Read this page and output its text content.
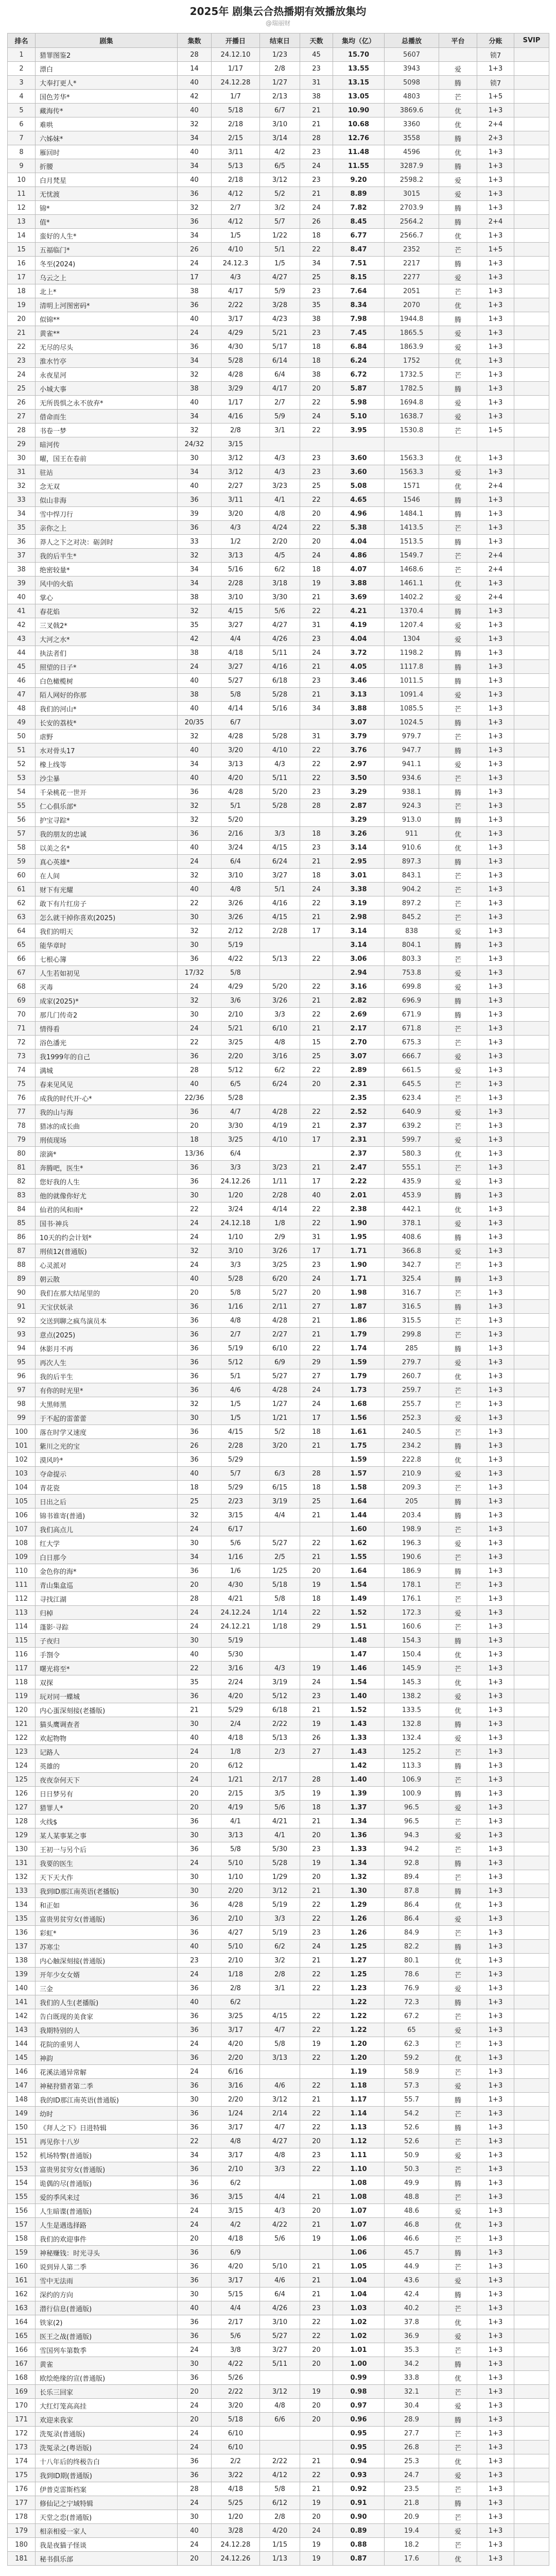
2025年 剧集云合热播期有效播放集均
@瑞丽财
排名	剧集	集数	开播日	结束日	天数	集均（亿）	总播放	平台	分账	SVIP
1	猎罪图鉴2	28	24.12.10	1/23	45	15.70	5607		锁7	
2	漂白	14	1/17	2/8	23	13.55	3943	爱	1+3	
3	大奉打更人*	40	24.12.28	1/27	31	13.15	5098	腾	锁7	
4	国色芳华*	42	1/7	2/13	38	13.05	4803	芒	1+5	
5	藏海传*	40	5/18	6/7	21	10.90	3869.6	优	1+3	
6	难哄	32	2/18	3/10	21	10.68	3360	优	2+4	
7	六姊妹*	34	2/15	3/14	28	12.76	3558	腾	2+3	
8	雁回时	40	3/11	4/2	23	11.48	4596	优	1+3	
9	折腰	34	5/13	6/5	24	11.55	3287.9	腾	1+3	
10	白月梵星	40	2/18	3/12	23	9.20	2598.2	爱	1+3	
11	无忧渡	36	4/12	5/2	21	8.89	3015	爱	1+3	
12	锦*	32	2/7	3/2	24	7.82	2703.9	腾	1+3	
13	值*	36	4/12	5/7	26	8.45	2564.2	腾	2+4	
14	蛮好的人生*	34	1/5	1/22	18	6.77	2566.7	优	1+3	
15	五福临门*	26	4/10	5/1	22	8.47	2352	芒	1+5	
16	冬至(2024)	24	24.12.3	1/5	34	7.51	2217	腾	1+3	
17	乌云之上	17	4/3	4/27	25	8.15	2277	爱	1+3	
18	北上*	38	4/17	5/9	23	7.64	2051	芒	1+3	
19	清明上河图密码*	36	2/22	3/28	35	8.34	2070	优	1+3	
20	似锦**	40	3/17	4/23	38	7.98	1944.8	腾	1+3	
21	黄雀**	24	4/29	5/21	23	7.45	1865.5	爱	1+3	
22	无尽的尽头	36	4/30	5/17	18	6.84	1863.9	爱	1+3	
23	淮水竹亭	34	5/28	6/14	18	6.24	1752	优	1+3	
24	永夜星河	32	4/28	6/4	38	6.72	1732.5	芒	1+3	
25	小城大事	38	3/29	4/17	20	5.87	1782.5	腾	1+3	
26	无所畏惧之永不放弃*	40	1/17	2/7	22	5.98	1694.8	爱	1+3	
27	借命而生	34	4/16	5/9	24	5.10	1638.7	爱	1+3	
28	书卷一梦	32	2/8	3/1	22	3.95	1530.8	芒	1+5	
29	暗河传	24/32	3/15							
30	曜，国王在卷前	30	3/12	4/3	23	3.60	1563.3	优	1+3	
31	驻站	34	3/12	4/3	23	3.60	1563.3	爱	1+3	
32	念无双	40	2/27	3/23	25	5.08	1571	优	2+4	
33	似山非海	36	3/11	4/1	22	4.65	1546	腾	1+3	
34	雪中悍刀行	39	3/20	4/8	20	4.96	1484.1	腾	1+3	
35	亲你之上	36	4/3	4/24	22	5.38	1413.5	芒	1+3	
36	莽人之下之对决：砺剑时	33	1/2	2/20	20	4.04	1513.5	腾	1+3	
37	我的后半生*	32	3/13	4/5	24	4.86	1549.7	芒	2+4	
38	绝密较量*	34	5/16	6/2	18	4.07	1468.6	芒	2+4	
39	风中的火焰	34	2/28	3/18	19	3.88	1461.1	优	1+3	
40	掌心	38	3/10	3/30	21	3.69	1402.2	爱	2+4	
41	春花焰	32	4/15	5/6	22	4.21	1370.4	腾	1+3	
42	三叉戟2*	35	3/27	4/27	31	4.19	1207.4	爱	1+3	
43	大河之水*	42	4/4	4/26	23	4.04	1304	爱	1+3	
44	执法者们	38	4/18	5/11	24	3.72	1198.2	腾	1+3	
45	照望的日子*	24	3/27	4/16	21	4.05	1117.8	腾	1+3	
46	白色橄榄树	40	5/27	6/18	23	3.46	1011.5	腾	1+3	
47	陌人网好的你那	38	5/8	5/28	21	3.13	1091.4	爱	1+3	
48	我们的河山*	40	4/14	5/16	34	3.88	1085.5	芒	1+3	
49	长安的荔枝*	20/35	6/7			3.07	1024.5	腾	1+3	
50	虐野	32	4/28	5/28	31	3.79	979.7	芒	1+3	
51	水对骨头17	40	3/20	4/10	22	3.76	947.7	腾	1+3	
52	橡上线等	34	3/13	4/3	22	2.97	941.1	爱	1+3	
53	沙尘暴	40	4/20	5/11	22	3.50	934.6	芒	1+3	
54	千朵桃花一世开	36	4/28	5/20	23	3.29	938.1	腾	1+3	
55	仁心俱乐部*	32	5/1	5/28	28	2.87	924.3	芒	1+3	
56	护宝寻踪*	32	5/20			3.29	913.0	腾	1+3	
57	我的朋友的忠诚	36	2/16	3/3	18	3.26	911	优	1+3	
58	以美之名*	40	3/24	4/15	23	3.14	910.6	优	1+3	
59	真心英雄*	24	6/4	6/24	21	2.95	897.3	腾	1+3	
60	在人间	32	3/10	3/27	18	3.01	843.1	芒	1+3	
61	财下有光耀	40	4/8	5/1	24	3.38	904.2	芒	1+3	
62	敢下有片红房子	22	3/26	4/16	22	3.19	897.2	芒	1+3	
63	怎么就干掉你喜欢(2025)	30	3/26	4/15	21	2.98	845.2	芒	1+3	
64	我们的明天	32	2/12	2/28	17	3.14	838	爱	1+3	
65	能华章时	30	5/19			3.14	804.1	腾	1+3	
66	七根心簿	36	4/22	5/13	22	3.06	803.3	芒	1+3	
67	人生若如初见	17/32	5/8			2.94	753.8	爱	1+3	
68	灭毒	24	4/29	5/20	22	3.16	699.8	爱	1+3	
69	成家(2025)*	32	3/6	3/26	21	2.82	696.9	腾	1+3	
70	那几门传奇2	30	2/10	3/3	22	2.69	671.9	腾	1+3	
71	情得看	24	5/21	6/10	21	2.17	671.8	芒	1+3	
72	浴色潘光	22	3/25	4/8	15	2.70	675.3	芒	1+3	
73	我1999年的自己	36	2/20	3/16	25	3.07	666.7	爱	1+3	
74	满城	28	5/12	6/2	22	2.89	661.5	爱	1+3	
75	春来见风见	40	6/5	6/24	20	2.31	645.5	芒	1+3	
76	成我的时代开·心*	22/36	5/28			2.35	623.4	芒	1+3	
77	我的山与海	36	4/7	4/28	22	2.52	640.9	爱	1+3	
78	猎冰的成长曲	20	3/30	4/19	21	2.37	639.2	芒	1+3	
79	刑侦现场	18	3/25	4/10	17	2.31	599.7	爱	1+3	
80	滚滴*	13/36	6/4			2.37	580.3	优	1+3	
81	奔腾吧，医生*	36	3/3	3/23	21	2.47	555.1	芒	1+3	
82	您好我的人生	36	24.12.26	1/11	17	2.22	435.9	爱	1+3	
83	他的就像你好尤	30	1/20	2/28	40	2.01	453.9	腾	1+3	
84	仙君的风和雨*	22	3/24	4/14	22	2.38	442.1	优	1+3	
85	国书·神兵	24	24.12.18	1/8	22	1.90	378.1	爱	1+3	
86	10天的约会计划*	24	1/10	2/9	31	1.95	408.6	腾	1+3	
87	刑侦12(普通版)	32	3/10	3/26	17	1.71	366.8	爱	1+3	
88	心灵派对	24	3/3	3/25	23	1.90	342.7	芒	1+3	
89	朝云散	40	5/28	6/20	24	1.71	325.4	腾	1+3	
90	我们在那大结尾里的	20	5/8	5/27	20	1.98	316.7	芒	1+3	
91	天宝伏妖录	36	1/16	2/11	27	1.87	316.5	腾	1+3	
92	交送到聊之疯鸟演员本	36	4/8	4/28	21	1.86	315.5	芒	1+3	
93	意点(2025)	36	2/7	2/27	21	1.79	299.8	芒	1+3	
94	休影月不再	36	5/19	6/10	22	1.74	285	腾	1+3	
95	再次人生	36	5/12	6/9	29	1.59	279.7	爱	1+3	
96	我的后半生	36	5/1	5/27	27	1.79	260.7	优	1+3	
97	有你的时光里*	36	4/6	4/28	24	1.73	259.7	芒	1+3	
98	大黑师黑	32	1/5	1/27	24	1.68	255.7	芒	1+3	
99	于不起的雷蕾蕾	30	1/5	1/21	17	1.56	252.3	爱	1+3	
100	落在时学又速度	36	4/15	5/2	18	1.61	240.5	芒	1+3	
101	紫川之光的宝	26	2/28	3/20	21	1.75	234.2	腾	1+3	
102	漠风吟*	36	5/29			1.59	222.8	优	1+3	
103	夺命提示	40	5/7	6/3	28	1.57	210.9	爱	1+3	
104	青花瓷	18	5/29	6/15	18	1.58	209.3	芒	1+3	
105	日出之后	25	2/23	3/19	25	1.64	205	腾	1+3	
106	锦书谁寄(普通)	32	3/15	4/4	21	1.44	203.4	腾	1+3	
107	我们高点儿	24	6/17			1.60	198.9	芒	1+3	
108	红大学	30	5/6	5/27	22	1.62	196.3	爱	1+3	
109	白日那今	34	1/16	2/5	21	1.55	190.6	芒	1+3	
110	金色你的海*	36	1/6	1/25	20	1.64	186.9	腾	1+3	
111	青山集盒巡	20	4/30	5/18	19	1.54	178.1	芒	1+3	
112	寻找江湖	28	4/21	5/8	18	1.49	176.1	芒	1+3	
113	归棹	24	24.12.24	1/14	22	1.52	172.3	爱	1+3	
114	蓬影·寻踪	24	24.12.21	1/18	29	1.51	160.6	芒	1+3	
115	子夜归	30	5/19			1.48	154.3	腾	1+3	
116	手劄令	40	5/30			1.47	150.4	优	1+3	
117	曙光将至*	22	3/16	4/3	19	1.46	145.9	芒	1+3	
118	双探	35	2/24	3/19	24	1.54	145.3	优	1+3	
119	玩对同一蝶城	36	4/20	5/12	23	1.40	138.2	爱	1+3	
120	内心蛋深刻接(老播版)	21	5/29	6/18	21	1.52	133.5	优	1+3	
121	猫头鹰调查者	30	2/4	2/22	19	1.43	132.8	腾	1+3	
122	欢起物物	40	4/18	5/13	26	1.33	132.4	爱	1+3	
123	记路人	24	1/8	2/3	27	1.43	125.2	芒	1+3	
124	英雄的	20	6/12			1.42	113.3	腾	1+3	
125	夜夜奈何天下	24	1/21	2/17	28	1.40	106.9	芒	1+3	
126	日日梦另有	20	2/15	3/5	19	1.39	100.9	腾	1+3	
127	猎罪人*	20	4/19	5/6	18	1.37	96.5	爱	1+3	
128	火线$	36	4/1	4/21	21	1.34	96.5	芒	1+3	
129	某人某事某之事	30	3/13	4/1	20	1.36	94.3	爱	1+3	
130	王初一与另个后	36	5/8	5/30	23	1.33	94.2	芒	1+3	
131	我要的医生	24	5/10	5/28	19	1.34	92.8	腾	1+3	
132	天下天大作	30	1/10	1/29	20	1.32	89.4	芒	1+3	
133	我到ID那江南英语(老播版)	30	2/20	3/12	21	1.30	87.8	腾	1+3	
134	和正如	36	4/28	5/19	22	1.29	86.4	优	1+3	
135	富贵男贫穷女(普通版)	36	2/10	3/3	22	1.26	86.4	爱	1+3	
136	彩虹*	36	4/27	5/19	23	1.26	84.9	芒	1+3	
137	苏寒尘	40	5/10	6/2	24	1.25	82.2	腾	1+3	
138	内心触深刻接(普通版)	23	2/10	3/2	21	1.27	80.1	优	1+3	
139	开年少女女婿	24	1/18	2/8	22	1.25	78.6	芒	1+3	
140	三金	36	2/8	3/1	22	1.23	76.9	爱	1+3	
141	我们的人生(老播版)	40	6/2			1.22	72.3	腾	1+3	
142	告白既现的美食家	36	3/25	4/15	22	1.22	67.2	芒	1+3	
143	我期特别的人	36	3/17	4/7	22	1.22	65	爱	1+3	
144	花院的重男人	24	4/20	5/8	19	1.20	62.3	芒	1+3	
145	神韵	36	2/20	3/13	22	1.20	59.2	优	1+3	
146	花溪法通异常解	24	6/16			1.19	58.9	芒	1+3	
147	神秘狩猎者第二季	36	3/16	4/6	22	1.18	57.3	爱	1+3	
148	我的ID那江南英语(普通版)	30	2/20	3/12	21	1.17	55.7	腾	1+3	
149	幼时	36	1/24	2/14	22	1.14	54.2	芒	1+3	
150	《拜人之下》日进特辑	36	3/17	4/7	22	1.13	52.6	腾	1+3	
151	再见你十八岁	22	4/8	4/27	20	1.12	52.6	芒	1+3	
152	机场特警(普通版)	34	3/17	4/8	23	1.11	50.9	爱	1+3	
153	富贵男贫穷女(普通版)	36	2/10	3/3	22	1.10	50.3	芒	1+3	
154	诡偶的尽(普通版)	36	6/2			1.08	49.9	腾	1+3	
155	爱的季风来过	36	3/15	4/4	21	1.08	48.8	芒	1+3	
156	人生暗谍(普通版)	24	3/15	4/3	20	1.07	48.6	爱	1+3	
157	人生是遇选择路	24	4/2	4/22	21	1.07	46.8	优	1+3	
158	我们的欢迎事件	20	4/18	5/6	19	1.06	46.6	芒	1+3	
159	神秘赚钱：时光寻头	36	6/9			1.06	45.7	腾	1+3	
160	说到异人第二季	36	4/20	5/10	21	1.05	44.9	芒	1+3	
161	雪中无法雨	36	3/17	4/6	21	1.04	43.6	爱	1+3	
162	深约的方向	30	5/15	6/4	21	1.04	42.4	腾	1+3	
163	潜行信息(普通版)	40	4/4	4/26	23	1.03	40.2	芒	1+3	
164	铁家(2)	36	2/17	3/10	22	1.02	37.8	优	1+3	
165	医王之战(普通版)	36	5/6	5/27	22	1.02	36.9	爱	1+3	
166	雪国列车第数季	24	3/8	3/27	20	1.01	35.3	芒	1+3	
167	黄雀	30	4/22	5/11	20	1.00	34.2	腾	1+3	
168	欧绘绝缘的宣(普通版)	36	5/26			0.99	33.8	优	1+3	
169	长乐三回家	20	2/22	3/12	19	0.98	32.1	芒	1+3	
170	大红灯笼高高挂	24	3/20	4/8	20	0.97	30.4	爱	1+3	
171	欢迎来我家	20	5/18	6/6	20	0.96	28.9	腾	1+3	
172	洗冤录(普通版)	24	6/10			0.95	27.7	芒	1+3	
173	洗冤录之(粤语版)	24	6/10			0.95	26.8	芒	1+3	
174	十八年后的终极告白	36	2/2	2/22	21	0.94	25.3	优	1+3	
175	我到ID期(普通版)	36	3/22	4/12	22	0.93	24.7	爱	1+3	
176	伊普克雷斯档案	28	4/18	5/8	21	0.92	23.5	芒	1+3	
177	修仙记之宁域特辑	24	5/25	6/12	19	0.91	21.8	腾	1+3	
178	天堂之恋(普通版)	30	1/20	2/8	20	0.90	20.9	芒	1+3	
179	相亲相爱一家人	40	3/28	4/20	24	0.89	19.4	爱	1+3	
180	我是夜猫子怪谈	24	24.12.28	1/15	19	0.88	18.2	芒	1+3	
181	秘书俱乐部	20	24.12.26	1/13	19	0.87	17.6	优	1+3	
